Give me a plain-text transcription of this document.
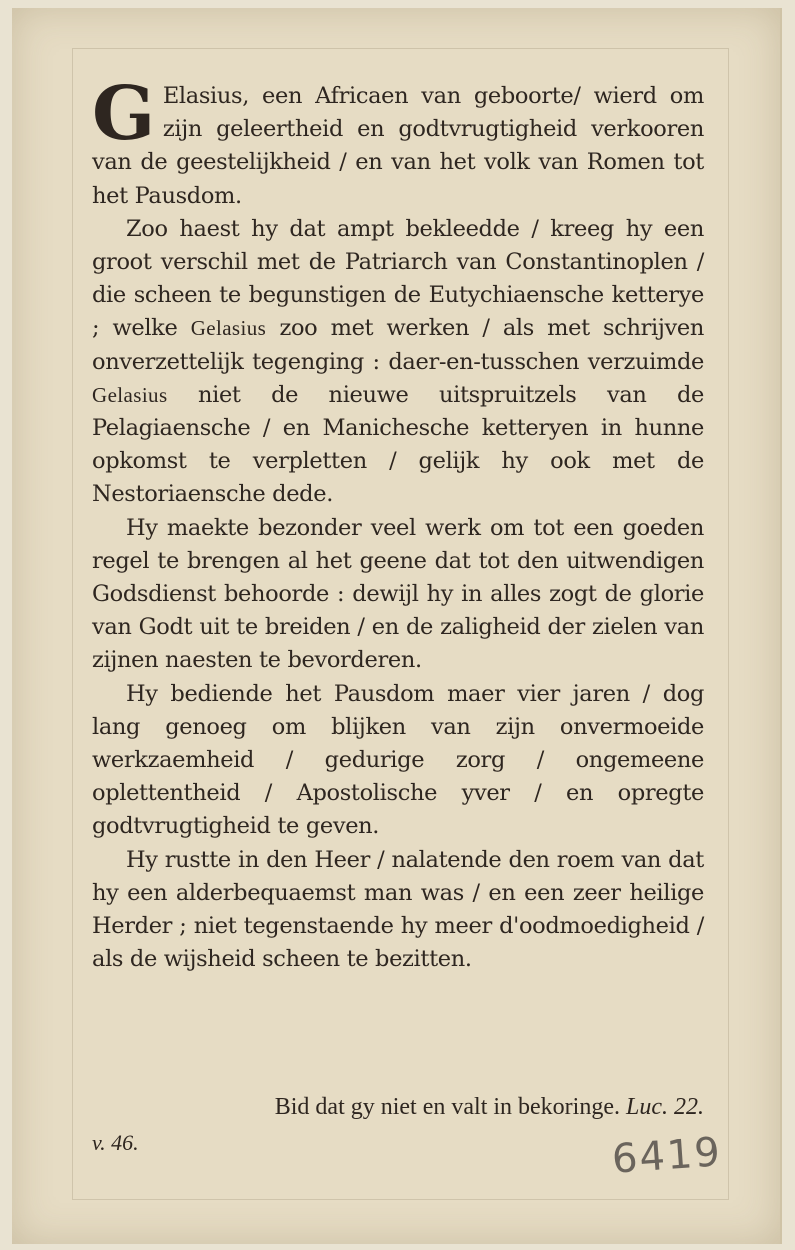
G Elasius, een Africaen van geboorte/ wierd om zijn geleertheid en godtvrugtigheid verkooren van de geestelijkheid / en van het volk van Romen tot het Pausdom.

Zoo haest hy dat ampt bekleedde / kreeg hy een groot verschil met de Patriarch van Constantinoplen / die scheen te begunstigen de Eutychiaensche ketterye ; welke Gelasius zoo met werken / als met schrijven onverzettelijk tegenging : daer-en-tusschen verzuimde Gelasius niet de nieuwe uitspruitzels van de Pelagiaensche / en Manichesche ketteryen in hunne opkomst te verpletten / gelijk hy ook met de Nestoriaensche dede.

Hy maekte bezonder veel werk om tot een goeden regel te brengen al het geene dat tot den uitwendigen Godsdienst behoorde : dewijl hy in alles zogt de glorie van Godt uit te breiden / en de zaligheid der zielen van zijnen naesten te bevorderen.

Hy bediende het Pausdom maer vier jaren / dog lang genoeg om blijken van zijn onvermoeide werkzaemheid / gedurige zorg / ongemeene oplettentheid / Apostolische yver / en opregte godtvrugtigheid te geven.

Hy rustte in den Heer / nalatende den roem van dat hy een alderbequaemst man was / en een zeer heilige Herder ; niet tegenstaende hy meer d'oodmoedigheid / als de wijsheid scheen te bezitten.

Bid dat gy niet en valt in bekoringe. Luc. 22.
v. 46.	6419
